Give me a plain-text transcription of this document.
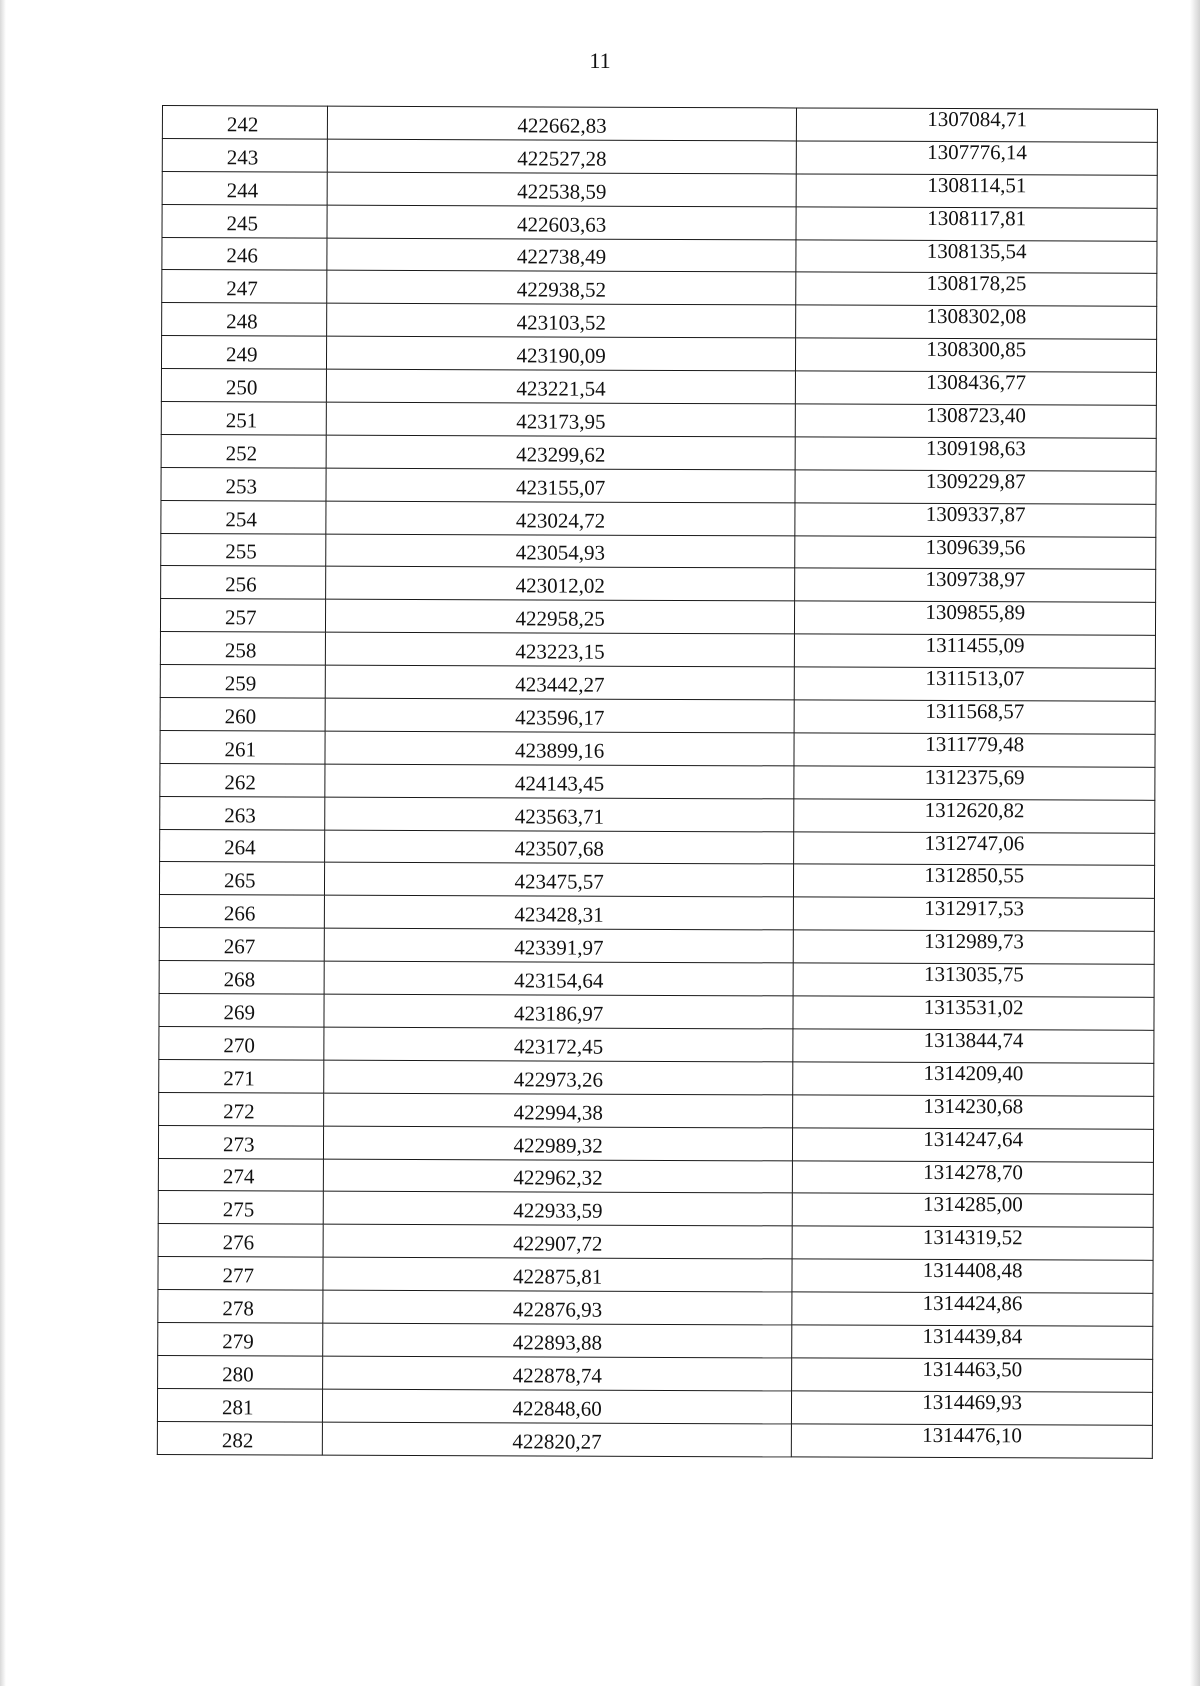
11
242	422662,83	1307084,71
243	422527,28	1307776,14
244	422538,59	1308114,51
245	422603,63	1308117,81
246	422738,49	1308135,54
247	422938,52	1308178,25
248	423103,52	1308302,08
249	423190,09	1308300,85
250	423221,54	1308436,77
251	423173,95	1308723,40
252	423299,62	1309198,63
253	423155,07	1309229,87
254	423024,72	1309337,87
255	423054,93	1309639,56
256	423012,02	1309738,97
257	422958,25	1309855,89
258	423223,15	1311455,09
259	423442,27	1311513,07
260	423596,17	1311568,57
261	423899,16	1311779,48
262	424143,45	1312375,69
263	423563,71	1312620,82
264	423507,68	1312747,06
265	423475,57	1312850,55
266	423428,31	1312917,53
267	423391,97	1312989,73
268	423154,64	1313035,75
269	423186,97	1313531,02
270	423172,45	1313844,74
271	422973,26	1314209,40
272	422994,38	1314230,68
273	422989,32	1314247,64
274	422962,32	1314278,70
275	422933,59	1314285,00
276	422907,72	1314319,52
277	422875,81	1314408,48
278	422876,93	1314424,86
279	422893,88	1314439,84
280	422878,74	1314463,50
281	422848,60	1314469,93
282	422820,27	1314476,10
